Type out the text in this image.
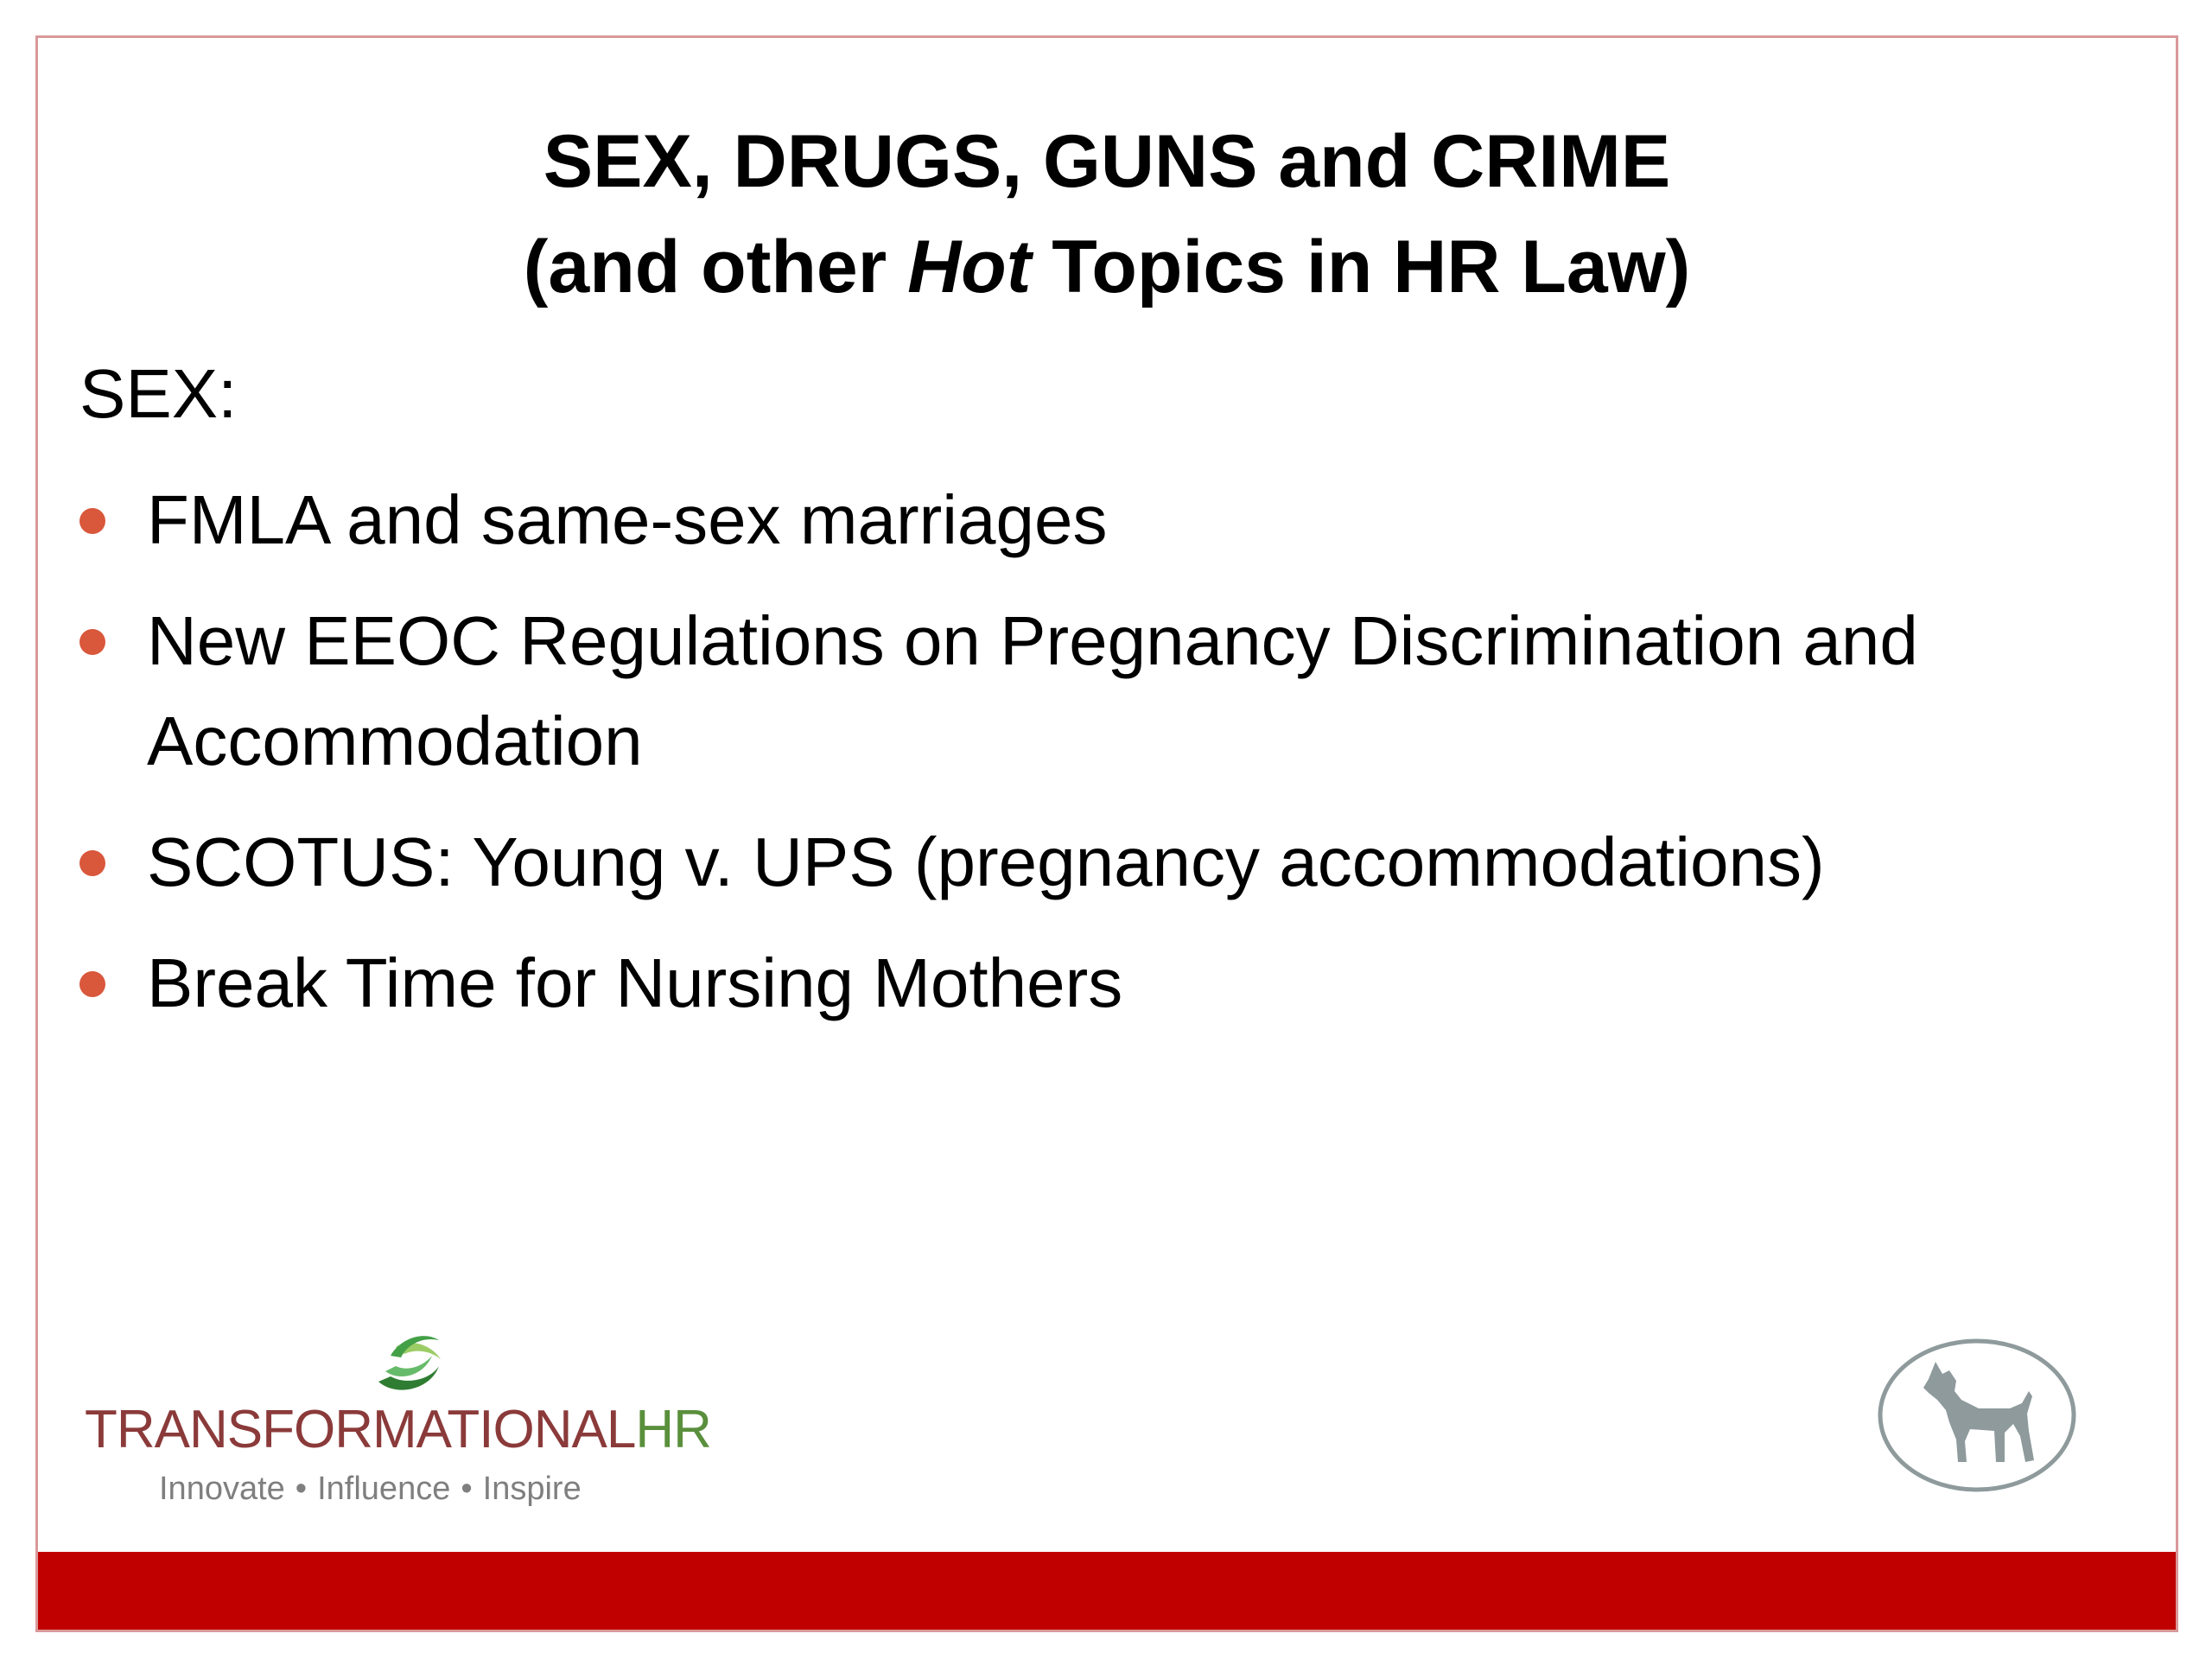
SEX, DRUGS, GUNS and CRIME
(and other Hot Topics in HR Law)
SEX:
FMLA and same-sex marriages
New EEOC Regulations on Pregnancy Discrimination and Accommodation
SCOTUS: Young v. UPS (pregnancy accommodations)
Break Time for Nursing Mothers
TRANSFORMATIONALHR
Innovate • Influence • Inspire
